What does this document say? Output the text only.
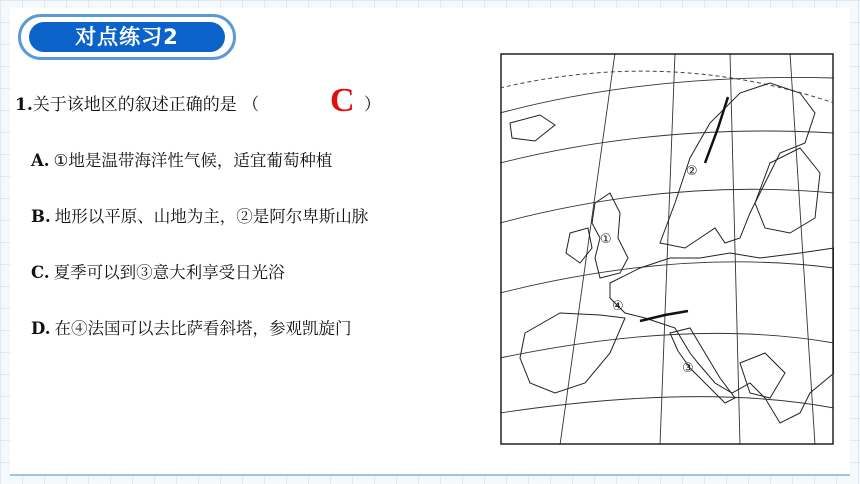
对点练习2
1.关于该地区的叙述正确的是 （ C ）
A. ①地是温带海洋性气候，适宜葡萄种植
B. 地形以平原、山地为主，②是阿尔卑斯山脉
C. 夏季可以到③意大利享受日光浴
D. 在④法国可以去比萨看斜塔，参观凯旋门
②
①
④
③
